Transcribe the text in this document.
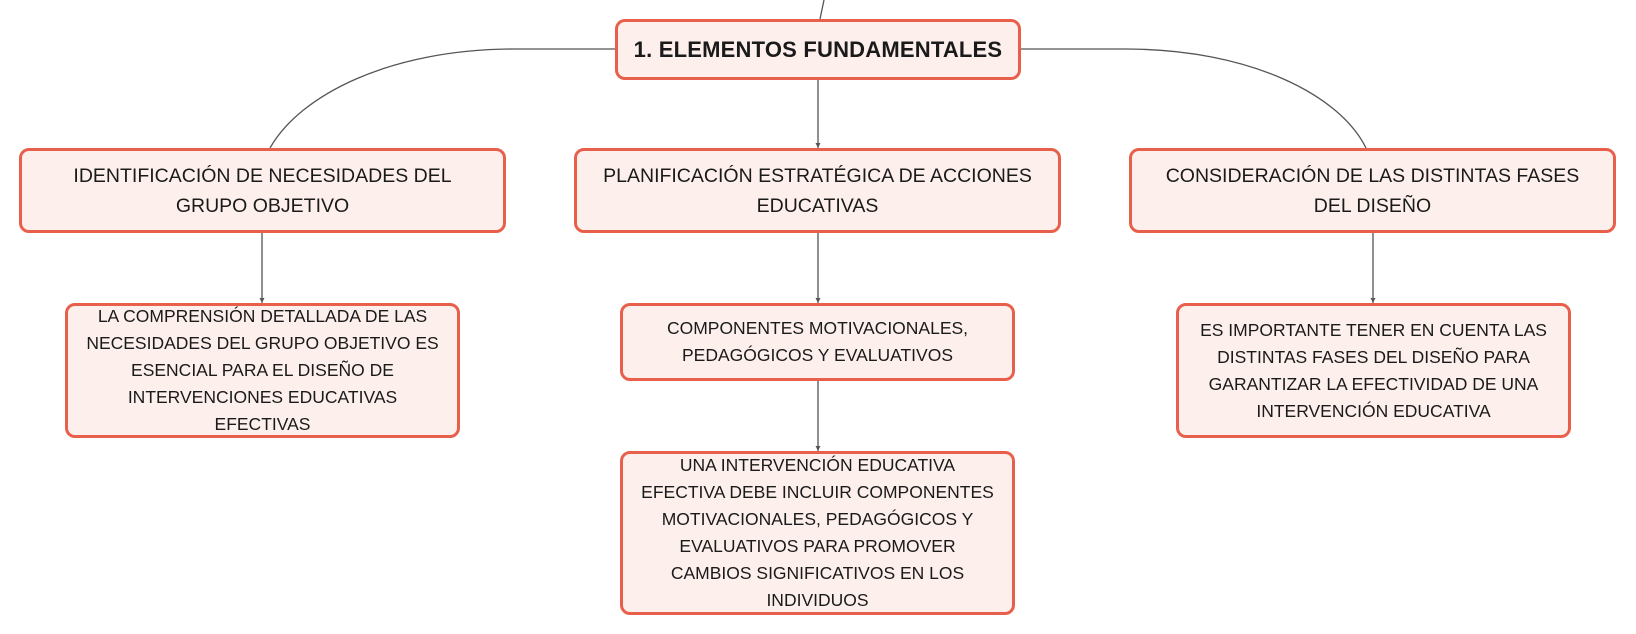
1. ELEMENTOS FUNDAMENTALES
IDENTIFICACIÓN DE NECESIDADES DEL GRUPO OBJETIVO
PLANIFICACIÓN ESTRATÉGICA DE ACCIONES EDUCATIVAS
CONSIDERACIÓN DE LAS DISTINTAS FASES DEL DISEÑO
LA COMPRENSIÓN DETALLADA DE LAS NECESIDADES DEL GRUPO OBJETIVO ES ESENCIAL PARA EL DISEÑO DE INTERVENCIONES EDUCATIVAS EFECTIVAS
COMPONENTES MOTIVACIONALES, PEDAGÓGICOS Y EVALUATIVOS
UNA INTERVENCIÓN EDUCATIVA EFECTIVA DEBE INCLUIR COMPONENTES MOTIVACIONALES, PEDAGÓGICOS Y EVALUATIVOS PARA PROMOVER CAMBIOS SIGNIFICATIVOS EN LOS INDIVIDUOS
ES IMPORTANTE TENER EN CUENTA LAS DISTINTAS FASES DEL DISEÑO PARA GARANTIZAR LA EFECTIVIDAD DE UNA INTERVENCIÓN EDUCATIVA
